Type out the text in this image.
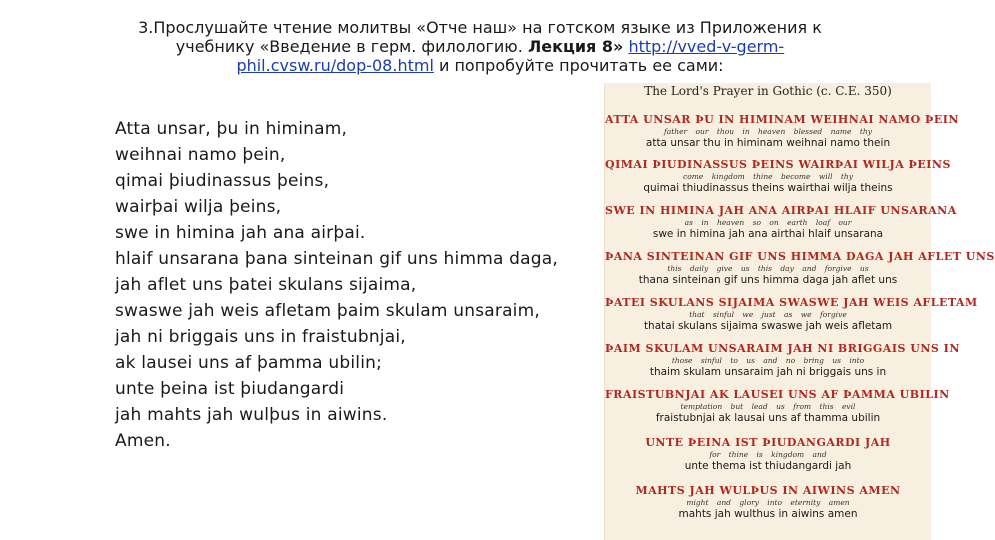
3.Прослушайте чтение молитвы «Отче наш» на готском языке из Приложения к
учебнику «Введение в герм. филологию. Лекция 8» http://vved-v-germ-
phil.cvsw.ru/dop-08.html и попробуйте прочитать ее сами:
Atta unsar, þu in himinam,
weihnai namo þein,
qimai þiudinassus þeins,
wairþai wilja þeins,
swe in himina jah ana airþai.
hlaif unsarana þana sinteinan gif uns himma daga,
jah aflet uns þatei skulans sijaima,
swaswe jah weis afletam þaim skulam unsaraim,
jah ni briggais uns in fraistubnjai,
ak lausei uns af þamma ubilin;
unte þeina ist þiudangardi
jah mahts jah wulþus in aiwins.
Amen.
The Lord's Prayer in Gothic (c. C.E. 350)
ATTA UNSAR ÞU IN HIMINAM WEIHNAI NAMO ÞEIN
father our thou in heaven blessed name thy
atta unsar thu in himinam weihnai namo thein
QIMAI ÞIUDINASSUS ÞEINS WAIRÞAI WILJA ÞEINS
come kingdom thine become will thy
quimai thiudinassus theins wairthai wilja theins
SWE IN HIMINA JAH ANA AIRÞAI HLAIF UNSARANA
as in heaven so on earth loaf our
swe in himina jah ana airthai hlaif unsarana
ÞANA SINTEINAN GIF UNS HIMMA DAGA JAH AFLET UNS
this daily give us this day and forgive us
thana sinteinan gif uns himma daga jah aflet uns
ÞATEI SKULANS SIJAIMA SWASWE JAH WEIS AFLETAM
that sinful we just as we forgive
thatai skulans sijaima swaswe jah weis afletam
ÞAIM SKULAM UNSARAIM JAH NI BRIGGAIS UNS IN
those sinful to us and no bring us into
thaim skulam unsaraim jah ni briggais uns in
FRAISTUBNJAI AK LAUSEI UNS AF ÞAMMA UBILIN
temptation but lead us from this evil
fraistubnjai ak lausai uns af thamma ubilin
UNTE ÞEINA IST ÞIUDANGARDI JAH
for thine is kingdom and
unte thema ist thiudangardi jah
MAHTS JAH WULÞUS IN AIWINS AMEN
might and glory into eternity amen
mahts jah wulthus in aiwins amen
